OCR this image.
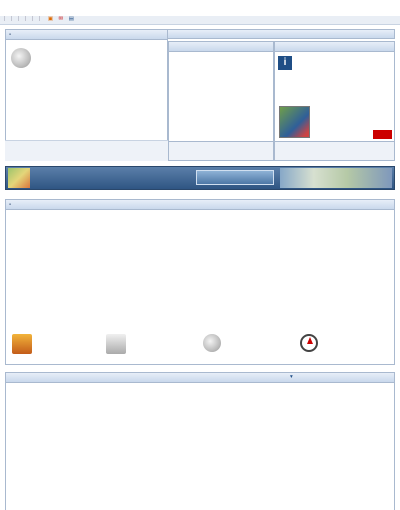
| | | | | | ▣ ✉ ▤
-
i
-
▾
